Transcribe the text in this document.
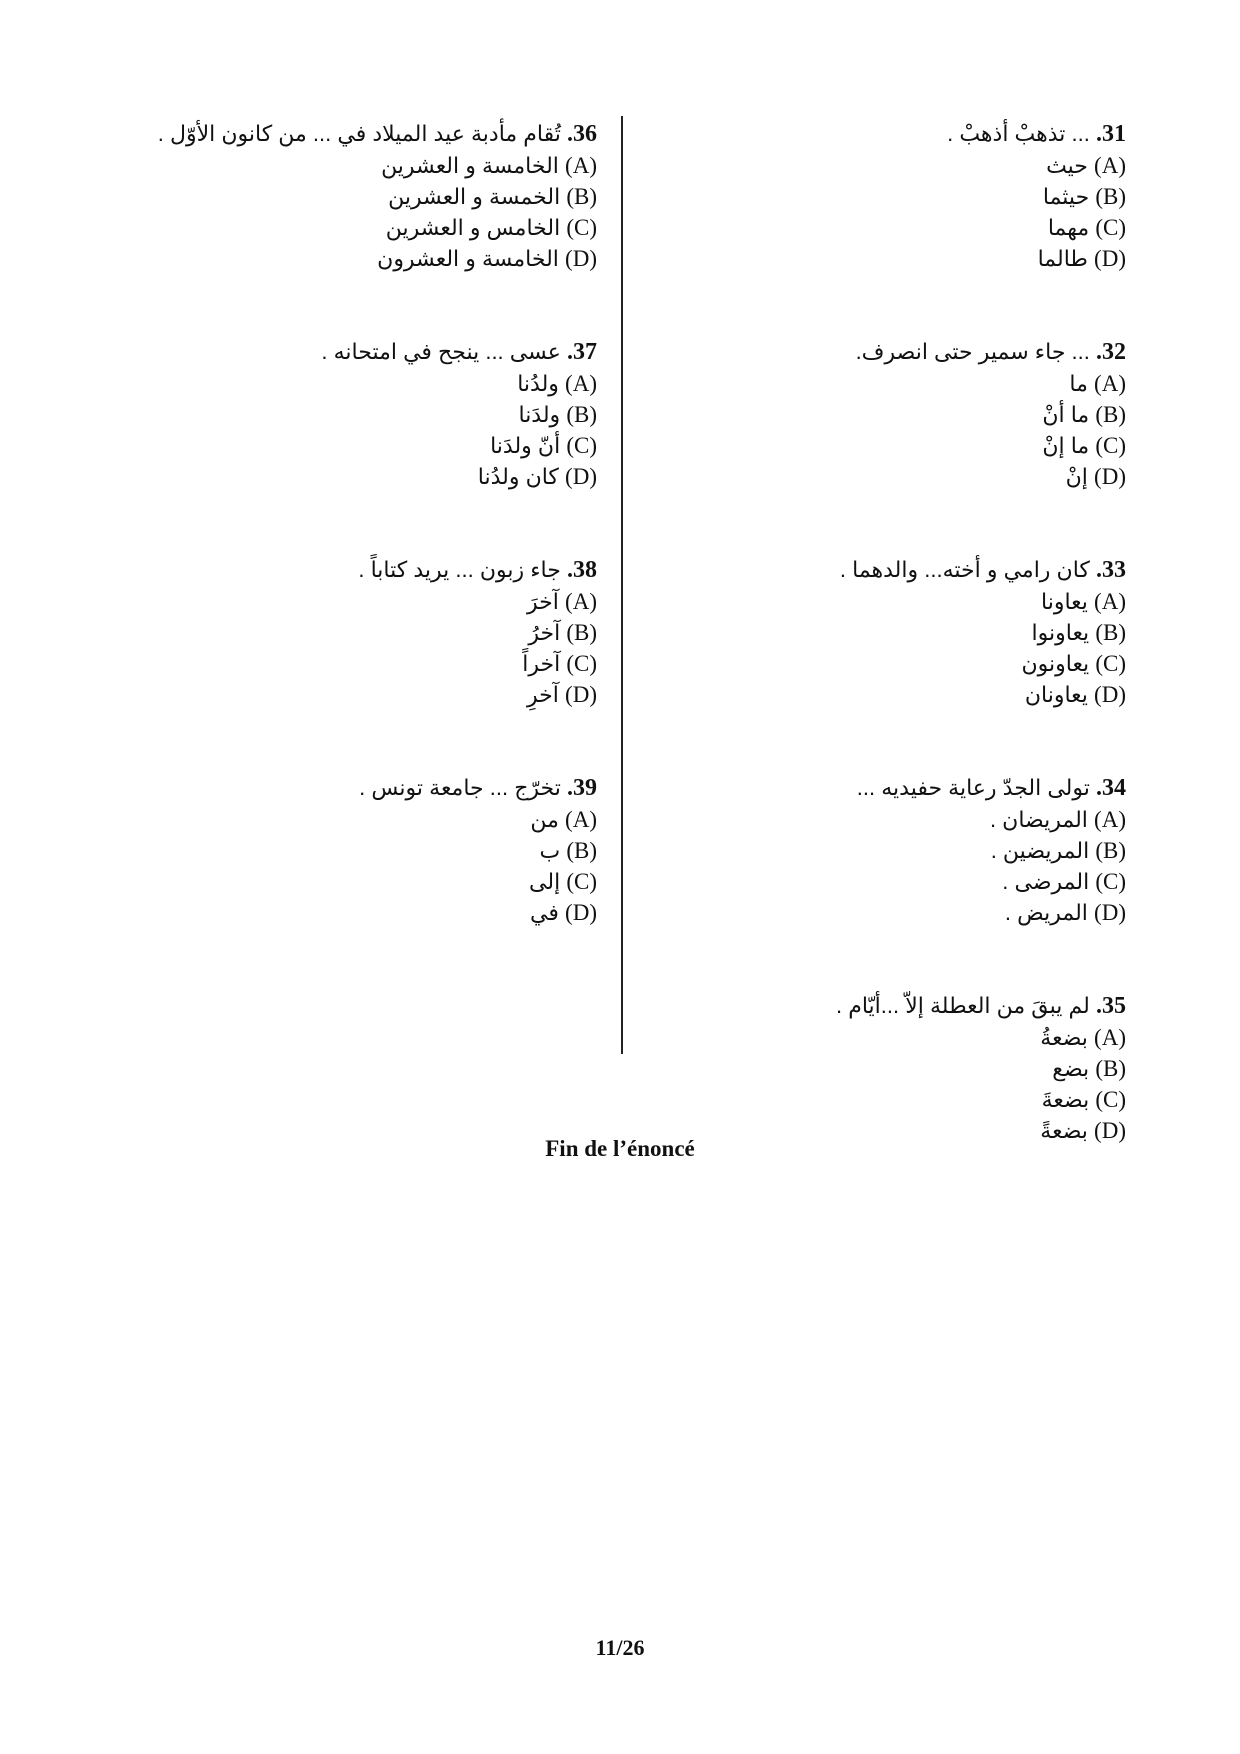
31. ... تذهبْ أذهبْ .
(A) حيث
(B) حيثما
(C) مهما
(D) طالما
32. ... جاء سمير حتى انصرف.
(A) ما
(B) ما أنْ
(C) ما إنْ
(D) إنْ
33. كان رامي و أخته... والدهما .
(A) يعاونا
(B) يعاونوا
(C) يعاونون
(D) يعاونان
34. تولى الجدّ رعاية حفيديه ...
(A) المريضان .
(B) المريضين .
(C) المرضى .
(D) المريض .
35. لم يبقَ من العطلة إلاّ ...أيّام .
(A) بضعةُ
(B) بضع
(C) بضعةَ
(D) بضعةً
36. تُقام مأدبة عيد الميلاد في ... من كانون الأوّل .
(A) الخامسة و العشرين
(B) الخمسة و العشرين
(C) الخامس و العشرين
(D) الخامسة و العشرون
37. عسى ... ينجح في امتحانه .
(A) ولدُنا
(B) ولدَنا
(C) أنّ ولدَنا
(D) كان ولدُنا
38. جاء زبون ... يريد كتاباً .
(A) آخرَ
(B) آخرُ
(C) آخراً
(D) آخرِ
39. تخرّج ... جامعة تونس .
(A) من
(B) ب
(C) إلى
(D) في
Fin de l’énoncé
11/26
